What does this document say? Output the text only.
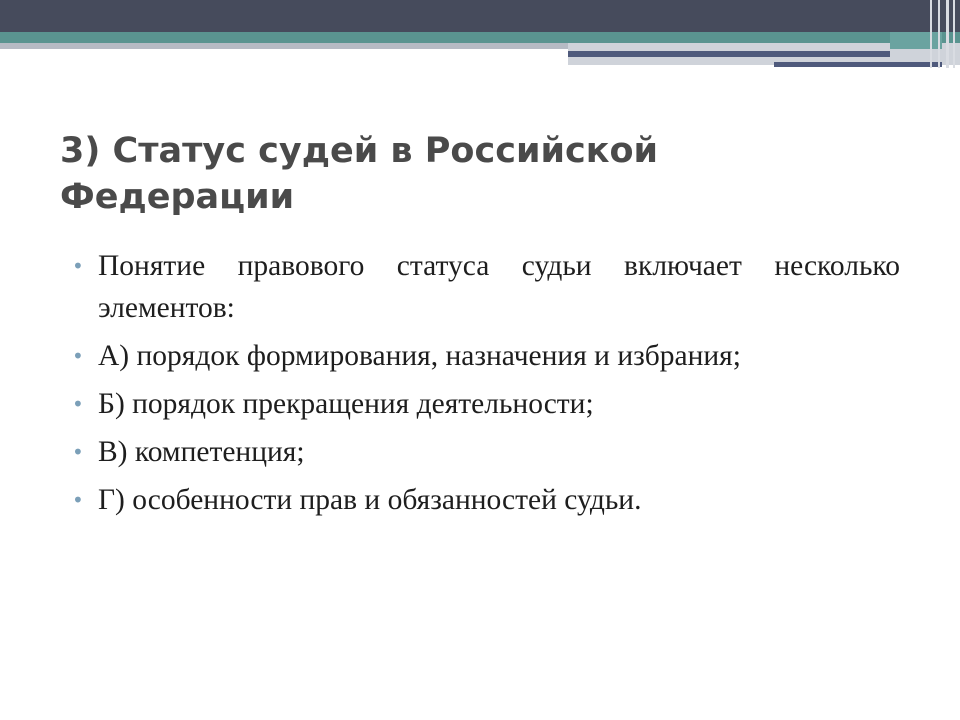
3) Статус судей в Российской Федерации
• Понятие правового статуса судьи включает несколько элементов:
• А) порядок формирования, назначения и избрания;
• Б) порядок прекращения деятельности;
• В) компетенция;
• Г) особенности прав и обязанностей судьи.
